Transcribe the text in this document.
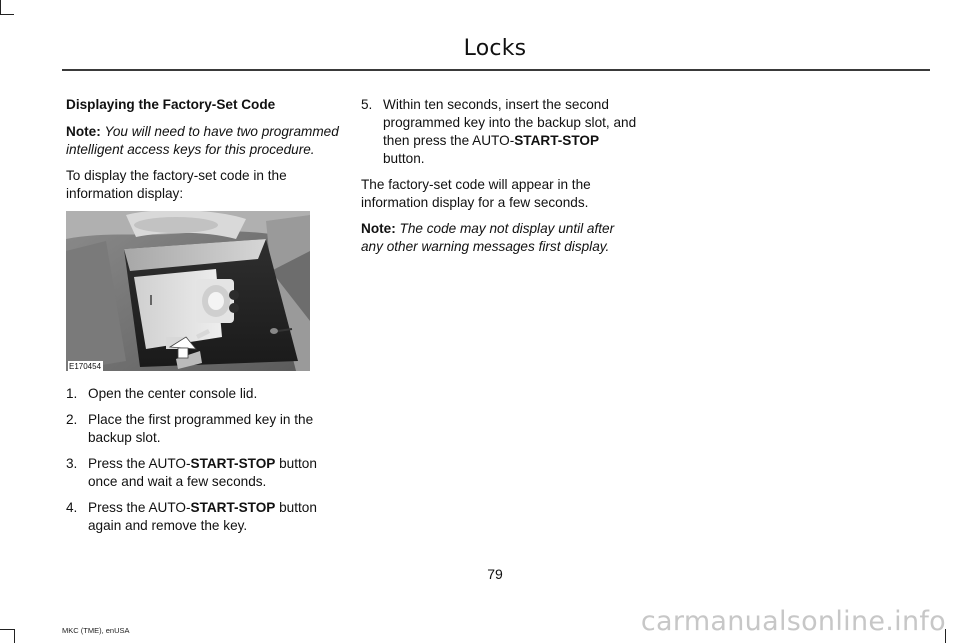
Locks
Displaying the Factory-Set Code

Note: You will need to have two programmed intelligent access keys for this procedure.

To display the factory-set code in the information display:

E170454
1. Open the center console lid.
2. Place the first programmed key in the backup slot.
3. Press the AUTO-START-STOP button once and wait a few seconds.
4. Press the AUTO-START-STOP button again and remove the key.
5. Within ten seconds, insert the second programmed key into the backup slot, and then press the AUTO-START-STOP button.

The factory-set code will appear in the information display for a few seconds.

Note: The code may not display until after any other warning messages first display.

79
MKC (TME), enUSA	carmanualsonline.info
